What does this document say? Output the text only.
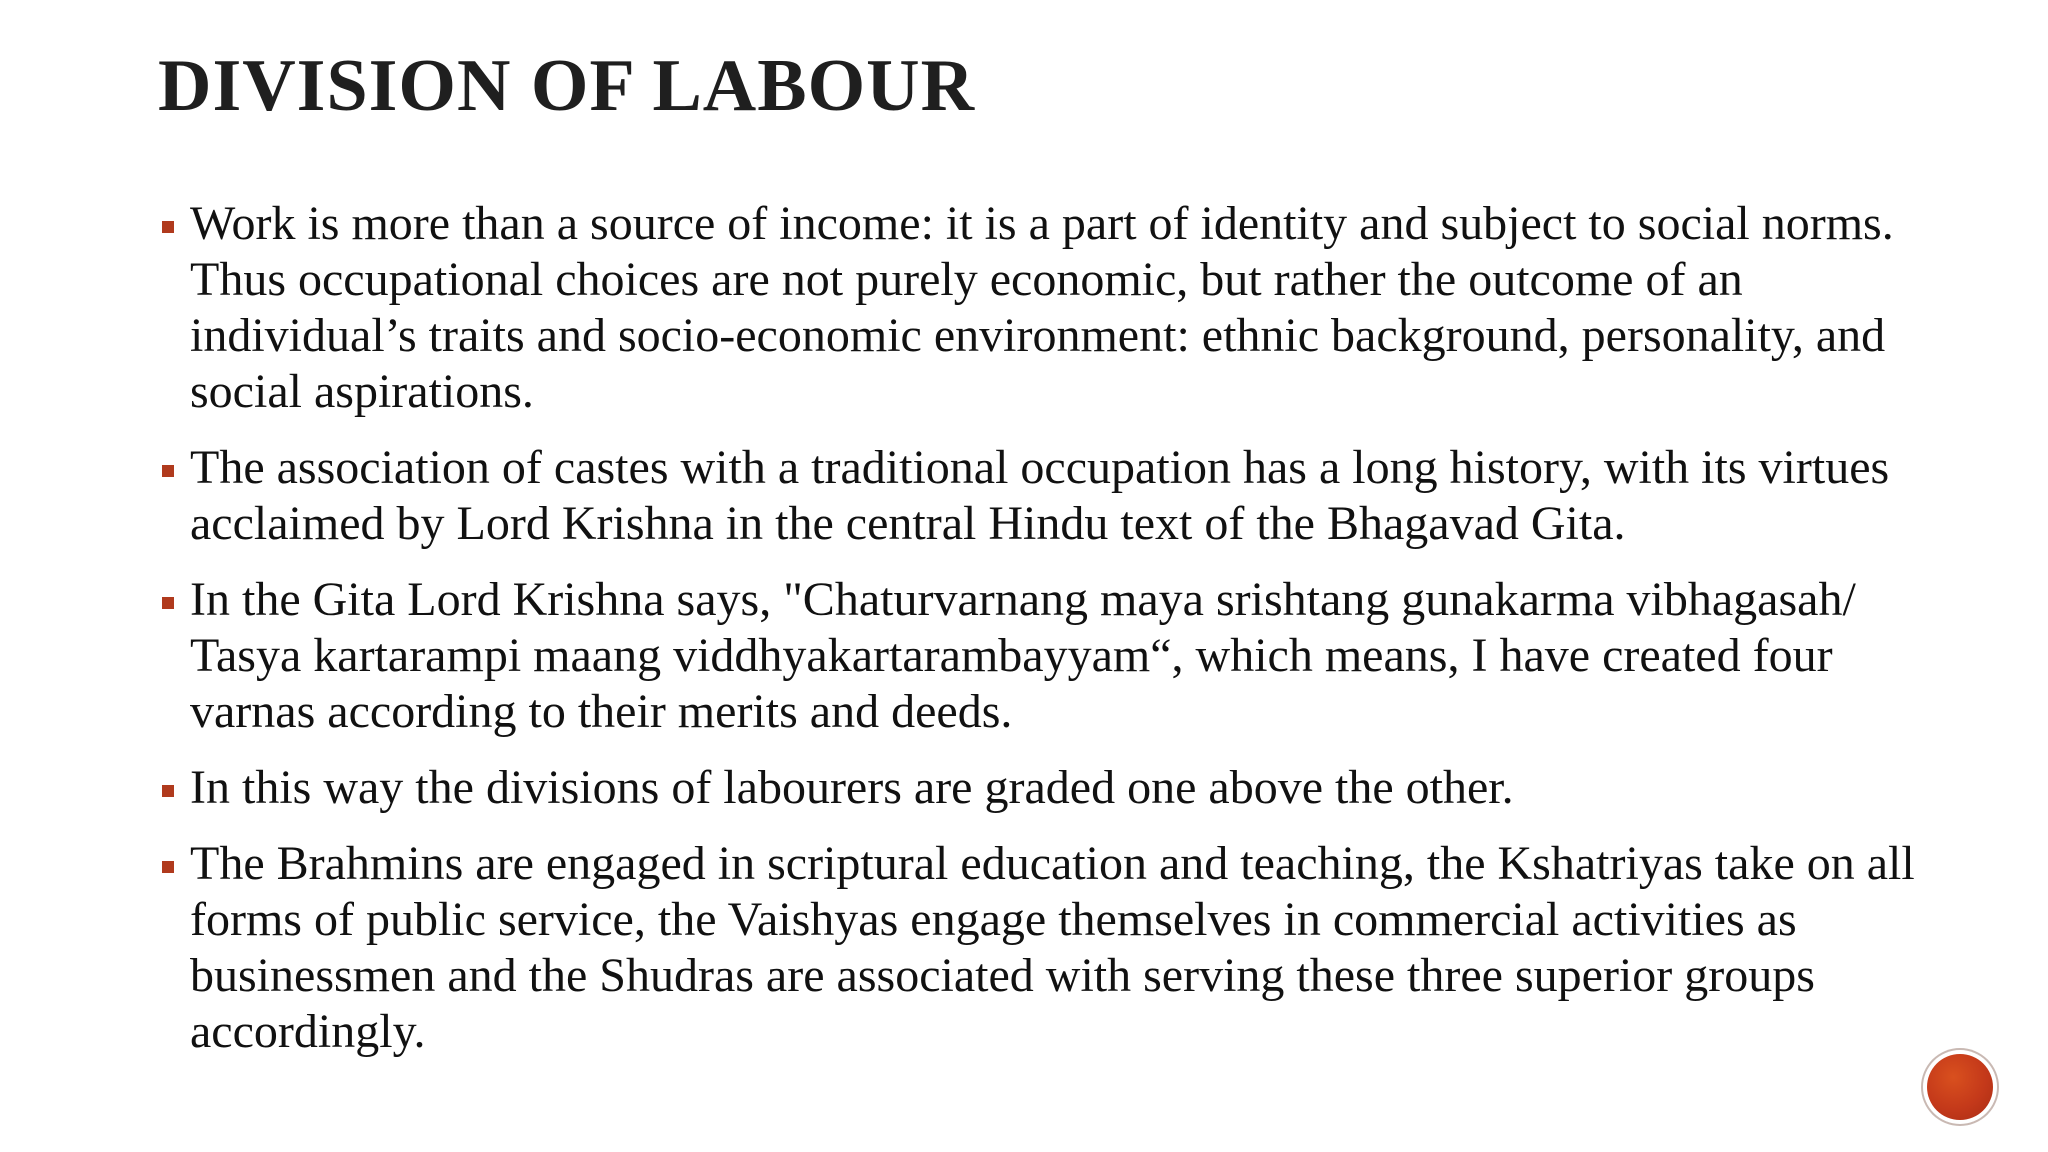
DIVISION OF LABOUR
Work is more than a source of income: it is a part of identity and subject to social norms. Thus occupational choices are not purely economic, but rather the outcome of an individual’s traits and socio-economic environment: ethnic background, personality, and social aspirations.
The association of castes with a traditional occupation has a long history, with its virtues acclaimed by Lord Krishna in the central Hindu text of the Bhagavad Gita.
In the Gita Lord Krishna says, "Chaturvarnang maya srishtang gunakarma vibhagasah/ Tasya kartarampi maang viddhyakartarambayyam“, which means, I have created four varnas according to their merits and deeds.
In this way the divisions of labourers are graded one above the other.
The Brahmins are engaged in scriptural education and teaching, the Kshatriyas take on all forms of public service, the Vaishyas engage themselves in commercial activities as businessmen and the Shudras are associated with serving these three superior groups accordingly.
